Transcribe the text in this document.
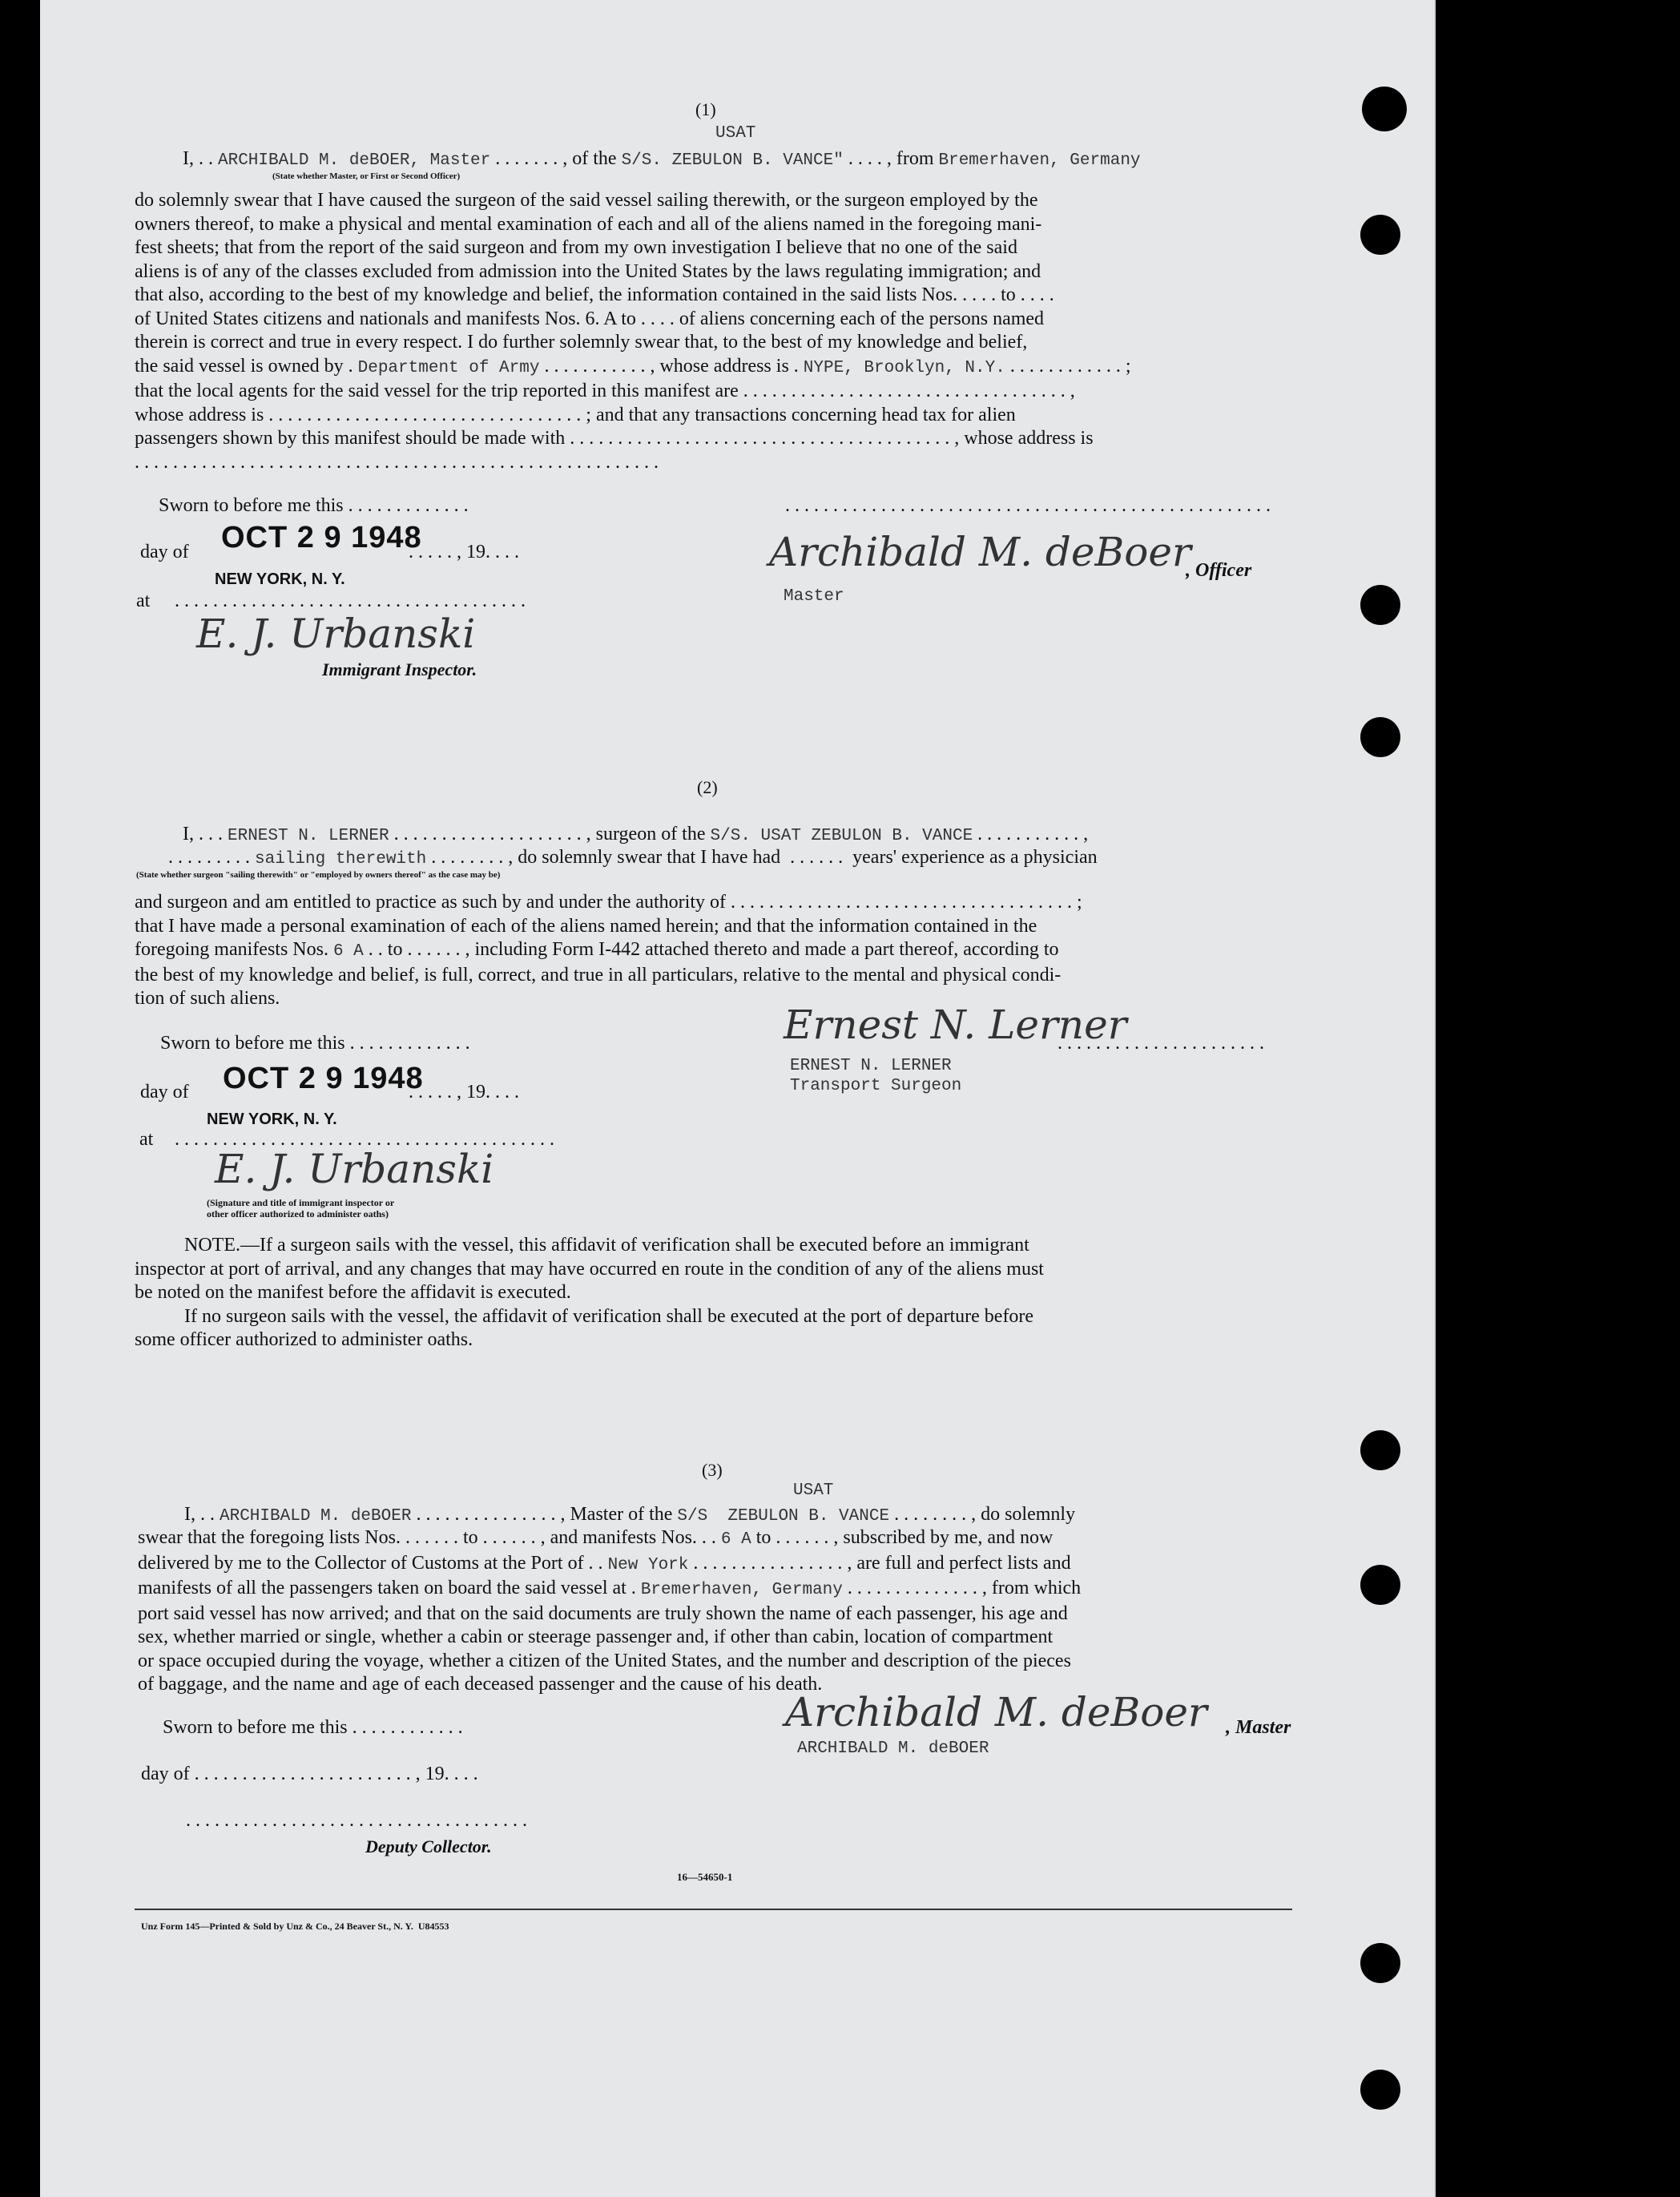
(1)
USAT
I, . . ARCHIBALD M. deBOER, Master . . . . . . . , of the S/S. ZEBULON B. VANCE" . . . . , from Bremerhaven, Germany
(State whether Master, or First or Second Officer)
do solemnly swear that I have caused the surgeon of the said vessel sailing therewith, or the surgeon employed by the
owners thereof, to make a physical and mental examination of each and all of the aliens named in the foregoing mani-
fest sheets; that from the report of the said surgeon and from my own investigation I believe that no one of the said
aliens is of any of the classes excluded from admission into the United States by the laws regulating immigration; and
that also, according to the best of my knowledge and belief, the information contained in the said lists Nos. . . . . to . . . .
of United States citizens and nationals and manifests Nos. 6. A to . . . . of aliens concerning each of the persons named
therein is correct and true in every respect. I do further solemnly swear that, to the best of my knowledge and belief,
the said vessel is owned by . Department of Army . . . . . . . . . . . , whose address is . NYPE, Brooklyn, N.Y. . . . . . . . . . . . . ;
that the local agents for the said vessel for the trip reported in this manifest are . . . . . . . . . . . . . . . . . . . . . . . . . . . . . . . . . . ,
whose address is . . . . . . . . . . . . . . . . . . . . . . . . . . . . . . . . . ; and that any transactions concerning head tax for alien
passengers shown by this manifest should be made with . . . . . . . . . . . . . . . . . . . . . . . . . . . . . . . . . . . . . . . . , whose address is
. . . . . . . . . . . . . . . . . . . . . . . . . . . . . . . . . . . . . . . . . . . . . . . . . . . . . . .
Sworn to before me this . . . . . . . . . . . . .	. . . . . . . . . . . . . . . . . . . . . . . . . . . . . . . . . . . . . . . . . . . . . . . . . . .
day of OCT 2 9 1948
. . . . . , 19. . . .
NEW YORK, N. Y.
at . . . . . . . . . . . . . . . . . . . . . . . . . . . . . . . . . . . . .
Archibald M. deBoer
, Officer
Master
E. J. Urbanski
Immigrant Inspector.
(2)
I, . . . ERNEST N. LERNER . . . . . . . . . . . . . . . . . . . . , surgeon of the S/S. USAT ZEBULON B. VANCE . . . . . . . . . . . ,
. . . . . . . . . sailing therewith . . . . . . . . , do solemnly swear that I have had  . . . . . .  years' experience as a physician
(State whether surgeon "sailing therewith" or "employed by owners thereof" as the case may be)
and surgeon and am entitled to practice as such by and under the authority of . . . . . . . . . . . . . . . . . . . . . . . . . . . . . . . . . . . . ;
that I have made a personal examination of each of the aliens named herein; and that the information contained in the
foregoing manifests Nos. 6 A . . to . . . . . . , including Form I-442 attached thereto and made a part thereof, according to
the best of my knowledge and belief, is full, correct, and true in all particulars, relative to the mental and physical condi-
tion of such aliens.
Sworn to before me this . . . . . . . . . . . . .	Ernest N. Lerner
. . . . . . . . . . . . . . . . . . . . . .
ERNEST N. LERNER
Transport Surgeon
day of OCT 2 9 1948
. . . . . , 19. . . .
NEW YORK, N. Y.
at . . . . . . . . . . . . . . . . . . . . . . . . . . . . . . . . . . . . . . . .
E. J. Urbanski
(Signature and title of immigrant inspector or
other officer authorized to administer oaths)
NOTE.—If a surgeon sails with the vessel, this affidavit of verification shall be executed before an immigrant
inspector at port of arrival, and any changes that may have occurred en route in the condition of any of the aliens must
be noted on the manifest before the affidavit is executed.
If no surgeon sails with the vessel, the affidavit of verification shall be executed at the port of departure before
some officer authorized to administer oaths.
(3)
USAT
I, . . ARCHIBALD M. deBOER . . . . . . . . . . . . . . . , Master of the S/S  ZEBULON B. VANCE . . . . . . . . , do solemnly
swear that the foregoing lists Nos. . . . . . . to . . . . . . , and manifests Nos. . . 6 A to . . . . . . , subscribed by me, and now
delivered by me to the Collector of Customs at the Port of . . New York . . . . . . . . . . . . . . . . , are full and perfect lists and
manifests of all the passengers taken on board the said vessel at . Bremerhaven, Germany . . . . . . . . . . . . . . , from which
port said vessel has now arrived; and that on the said documents are truly shown the name of each passenger, his age and
sex, whether married or single, whether a cabin or steerage passenger and, if other than cabin, location of compartment
or space occupied during the voyage, whether a citizen of the United States, and the number and description of the pieces
of baggage, and the name and age of each deceased passenger and the cause of his death.
Sworn to before me this . . . . . . . . . . . .	Archibald M. deBoer , Master
ARCHIBALD M. deBOER
day of . . . . . . . . . . . . . . . . . . . . . . . , 19. . . .
. . . . . . . . . . . . . . . . . . . . . . . . . . . . . . . . . . . .
Deputy Collector.
16—54650-1
Unz Form 145—Printed & Sold by Unz & Co., 24 Beaver St., N. Y.  U84553
